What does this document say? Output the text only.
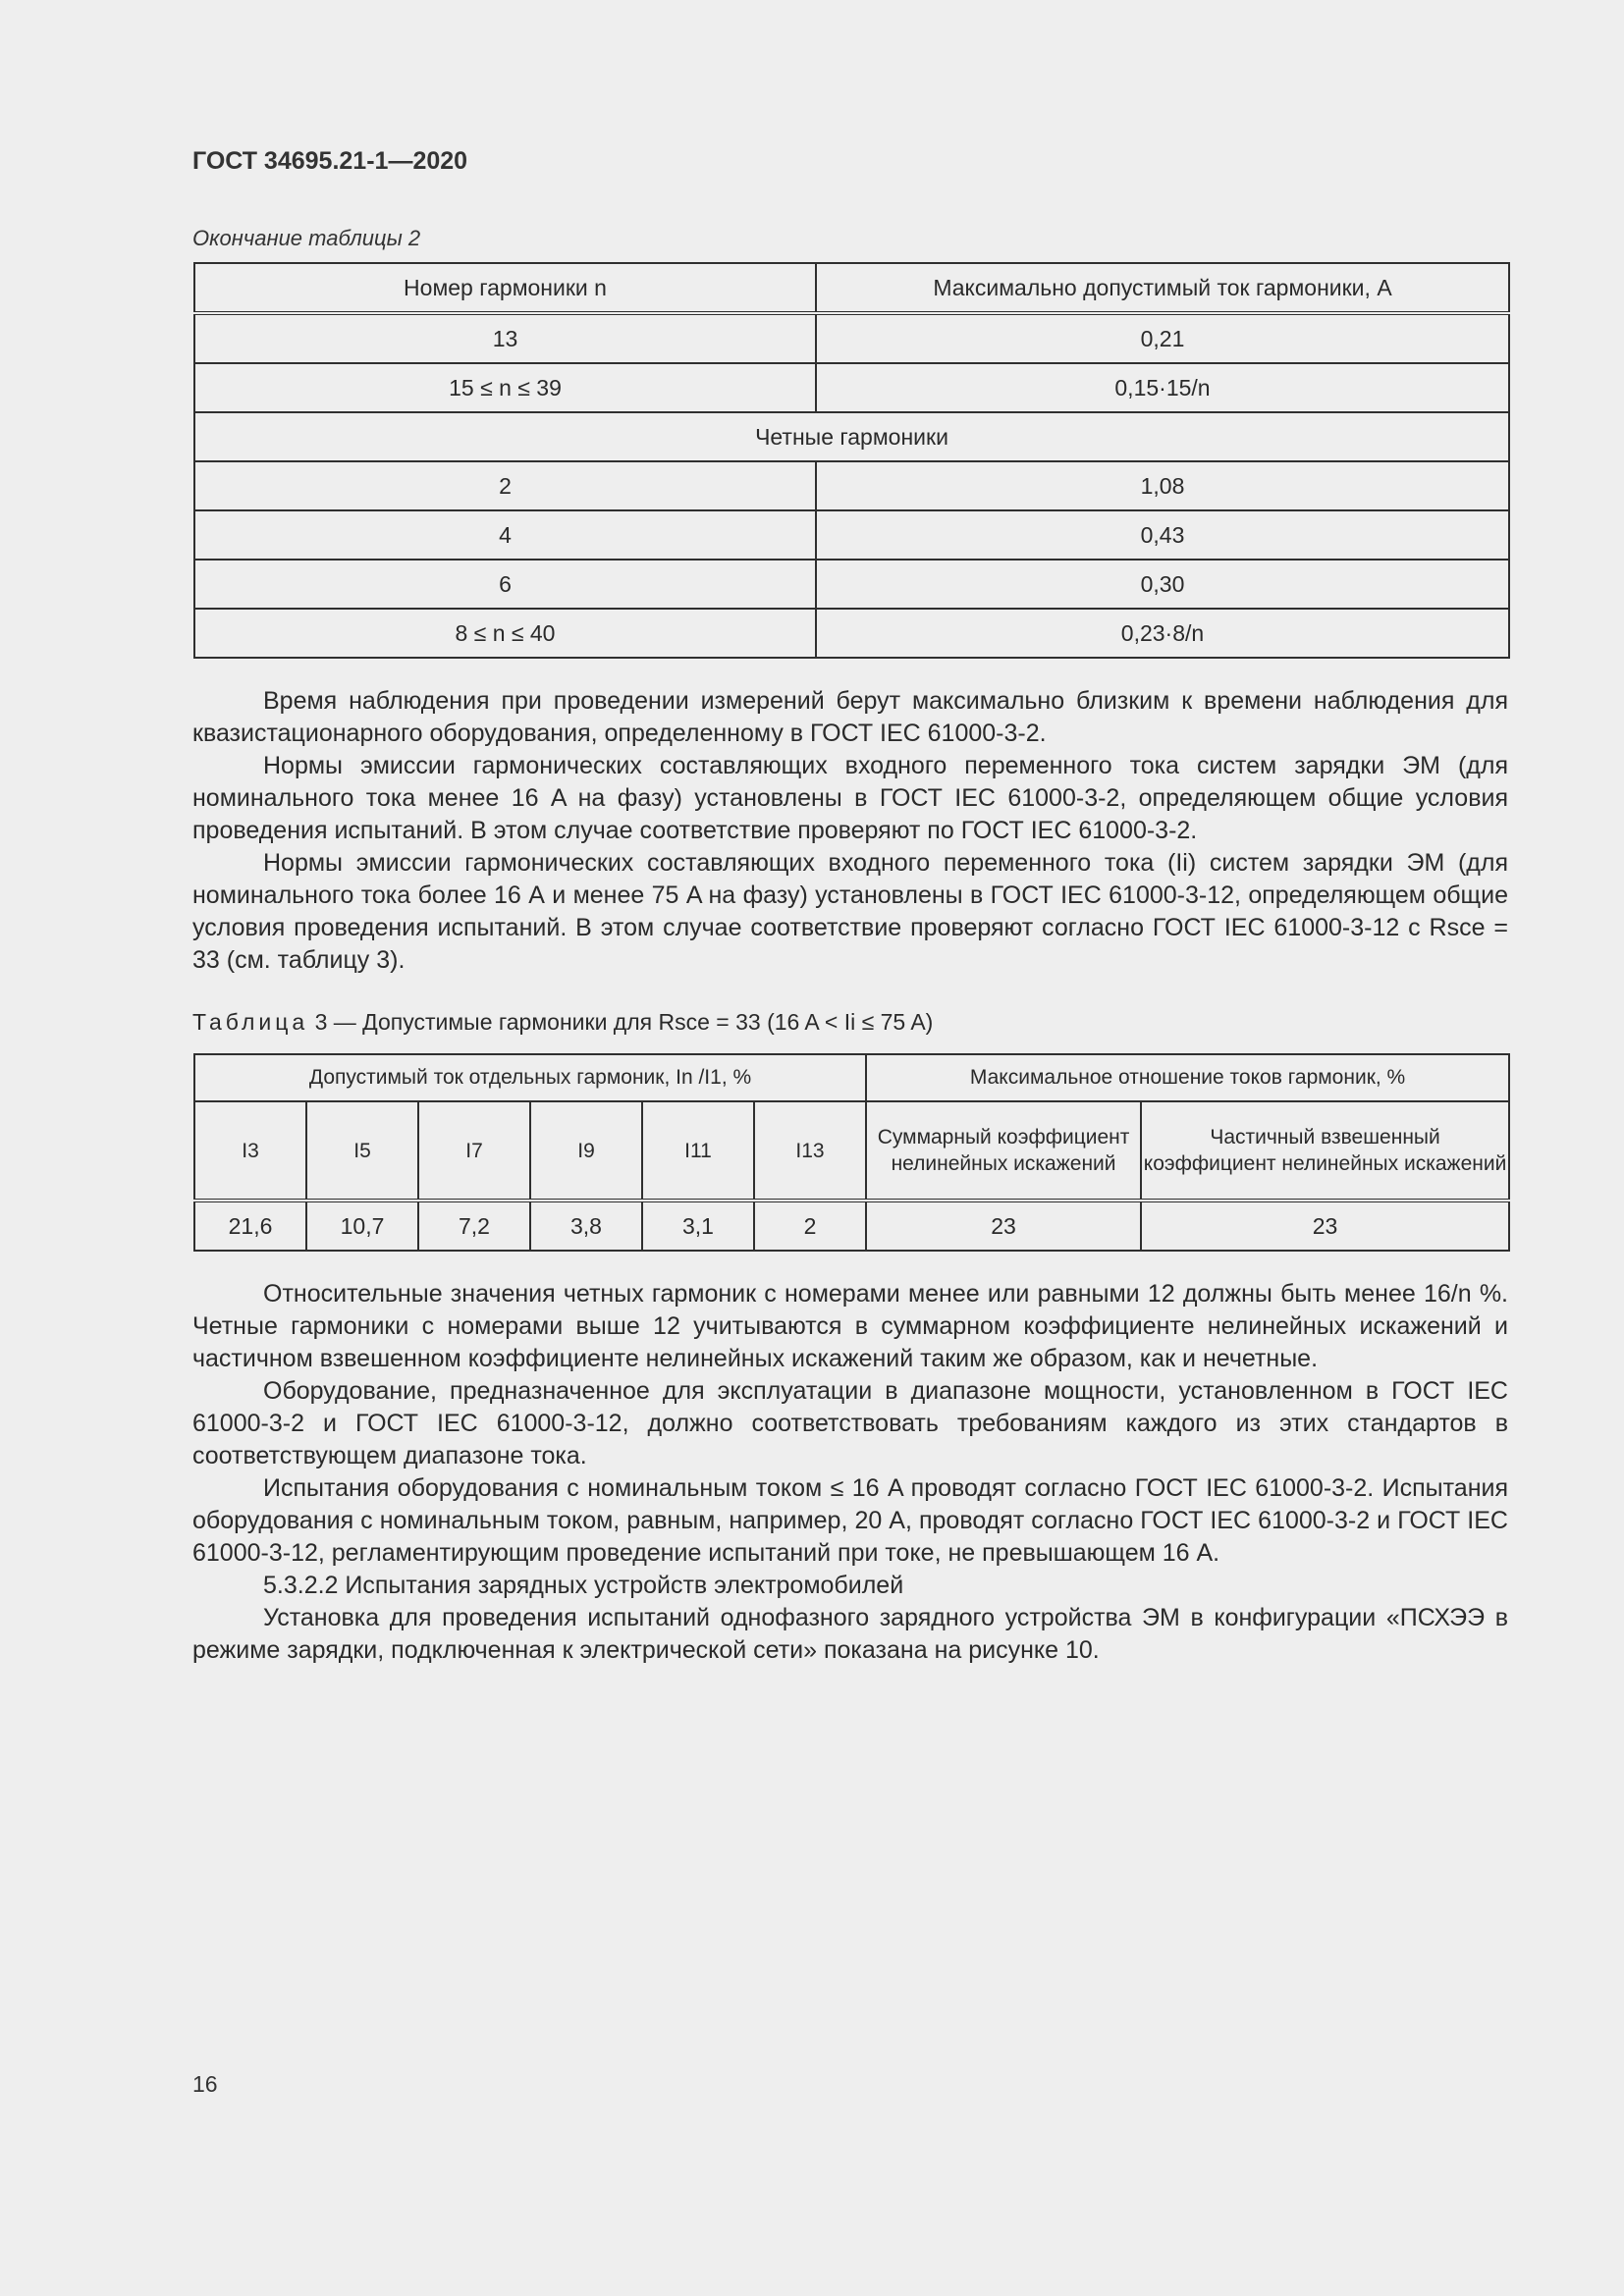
ГОСТ 34695.21-1—2020
Окончание таблицы 2
Номер гармоники n	Максимально допустимый ток гармоники, A
13	0,21
15 ≤ n ≤ 39	0,15·15/n
Четные гармоники	
2	1,08
4	0,43
6	0,30
8 ≤ n ≤ 40	0,23·8/n

Время наблюдения при проведении измерений берут максимально близким к времени наблюдения для квазистационарного оборудования, определенному в ГОСТ IEC 61000-3-2.

Нормы эмиссии гармонических составляющих входного переменного тока систем зарядки ЭМ (для номинального тока менее 16 A на фазу) установлены в ГОСТ IEC 61000-3-2, определяющем общие условия проведения испытаний. В этом случае соответствие проверяют по ГОСТ IEC 61000-3-2.

Нормы эмиссии гармонических составляющих входного переменного тока (Ii) систем зарядки ЭМ (для номинального тока более 16 А и менее 75 A на фазу) установлены в ГОСТ IEC 61000-3-12, определяющем общие условия проведения испытаний. В этом случае соответствие проверяют согласно ГОСТ IEC 61000-3-12 с Rsce = 33 (см. таблицу 3).

Таблица 3 — Допустимые гармоники для Rsce = 33 (16 A < Ii ≤ 75 A)
Допустимый ток отдельных гармоник, In /I1, %						Максимальное отношение токов гармоник, %	
I3	I5	I7	I9	I11	I13	Суммарный коэффициент нелинейных искажений	Частичный взвешенный коэффициент нелинейных искажений
21,6	10,7	7,2	3,8	3,1	2	23	23

Относительные значения четных гармоник с номерами менее или равными 12 должны быть менее 16/n %. Четные гармоники с номерами выше 12 учитываются в суммарном коэффициенте нелинейных искажений и частичном взвешенном коэффициенте нелинейных искажений таким же образом, как и нечетные.

Оборудование, предназначенное для эксплуатации в диапазоне мощности, установленном в ГОСТ IEC 61000-3-2 и ГОСТ IEC 61000-3-12, должно соответствовать требованиям каждого из этих стандартов в соответствующем диапазоне тока.

Испытания оборудования с номинальным током ≤ 16 A проводят согласно ГОСТ IEC 61000-3-2. Испытания оборудования с номинальным током, равным, например, 20 A, проводят согласно ГОСТ IEC 61000-3-2 и ГОСТ IEC 61000-3-12, регламентирующим проведение испытаний при токе, не превышающем 16 А.

5.3.2.2 Испытания зарядных устройств электромобилей

Установка для проведения испытаний однофазного зарядного устройства ЭМ в конфигурации «ПСХЭЭ в режиме зарядки, подключенная к электрической сети» показана на рисунке 10.

16
